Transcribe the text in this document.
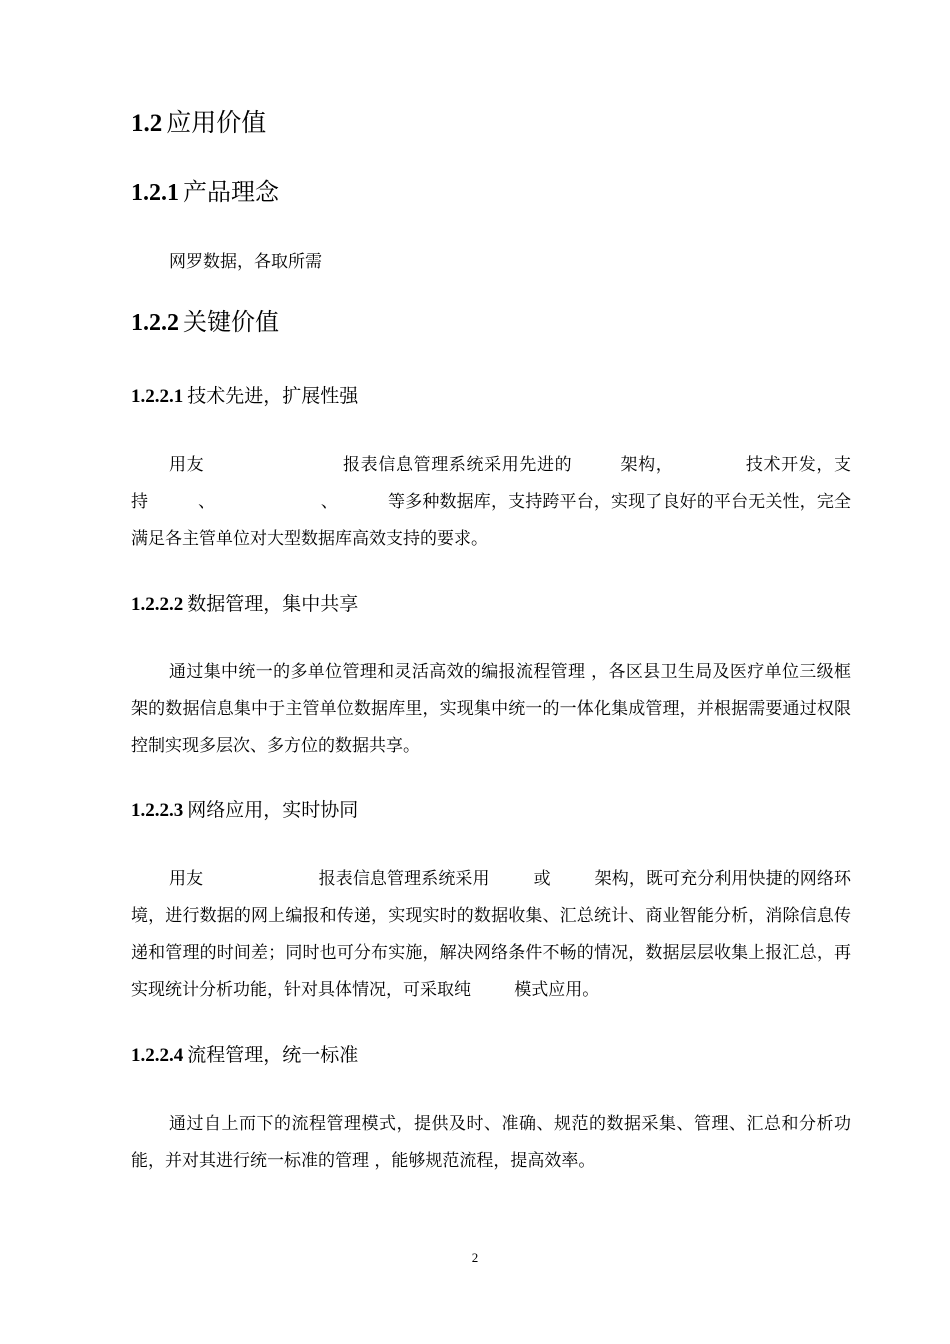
1.2 应用价值
1.2.1 产品理念

网罗数据，各取所需

1.2.2 关键价值
1.2.2.1 技术先进，扩展性强

用友                       报表信息管理系统采用先进的        架构，            技术开发，支持         、                   、         等多种数据库，支持跨平台，实现了良好的平台无关性，完全满足各主管单位对大型数据库高效支持的要求。

1.2.2.2 数据管理，集中共享

通过集中统一的多单位管理和灵活高效的编报流程管理 ，各区县卫生局及医疗单位三级框架的数据信息集中于主管单位数据库里，实现集中统一的一体化集成管理，并根据需要通过权限控制实现多层次、多方位的数据共享。

1.2.2.3 网络应用，实时协同

用友                     报表信息管理系统采用        或        架构，既可充分利用快捷的网络环境，进行数据的网上编报和传递，实现实时的数据收集、汇总统计、商业智能分析，消除信息传递和管理的时间差；同时也可分布实施，解决网络条件不畅的情况，数据层层收集上报汇总，再实现统计分析功能，针对具体情况，可采取纯        模式应用。

1.2.2.4 流程管理，统一标准

通过自上而下的流程管理模式，提供及时、准确、规范的数据采集、管理、汇总和分析功能，并对其进行统一标准的管理 ，能够规范流程，提高效率。

2
